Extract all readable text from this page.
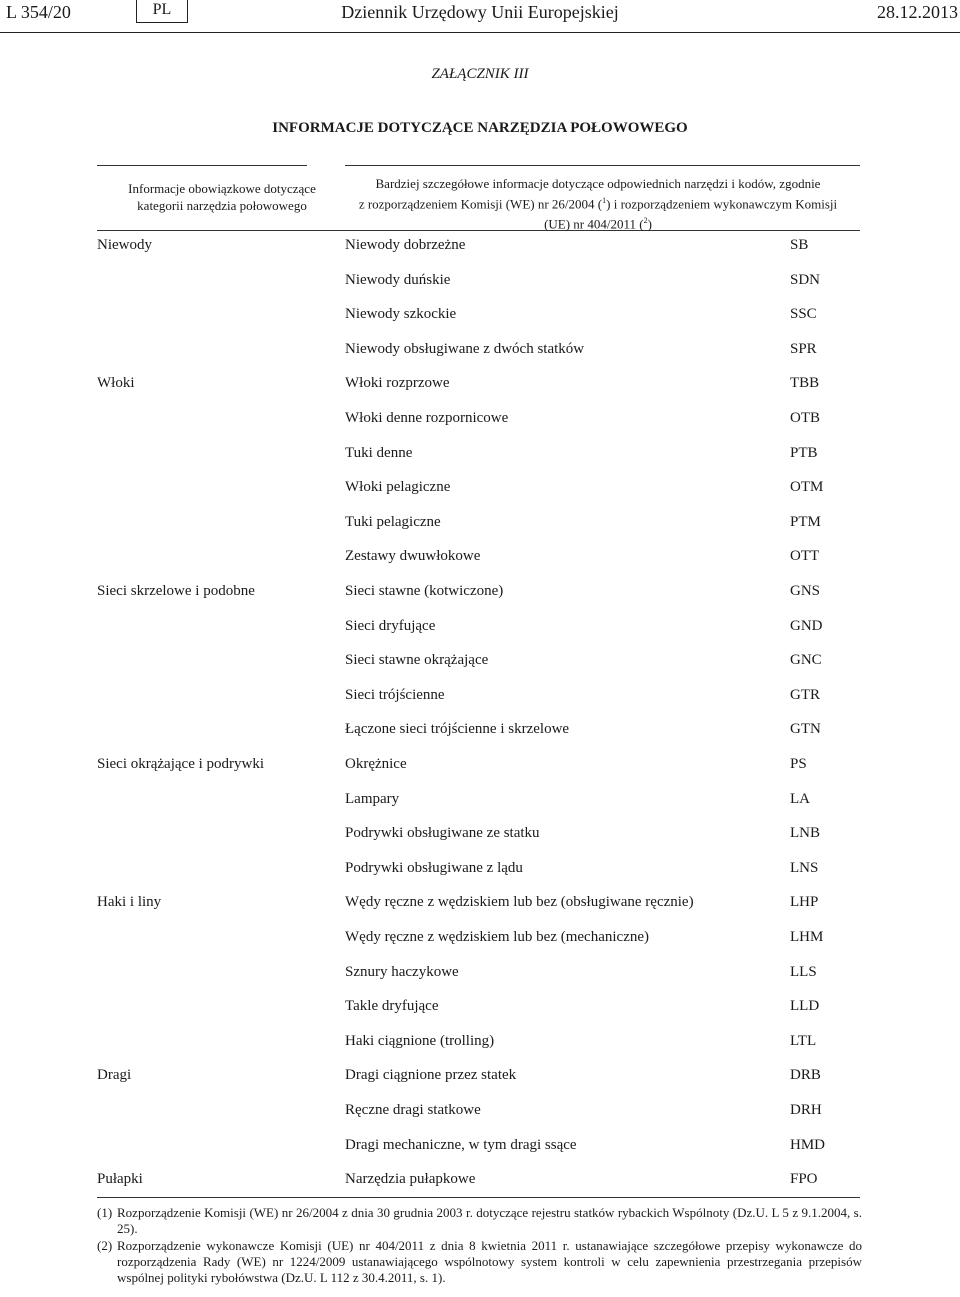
L 354/20	PL	Dziennik Urzędowy Unii Europejskiej	28.12.2013
ZAŁĄCZNIK III
INFORMACJE DOTYCZĄCE NARZĘDZIA POŁOWOWEGO
Informacje obowiązkowe dotyczące
kategorii narzędzia połowowego
Bardziej szczegółowe informacje dotyczące odpowiednich narzędzi i kodów, zgodnie
z rozporządzeniem Komisji (WE) nr 26/2004 ($^1$) i rozporządzeniem wykonawczym Komisji
(UE) nr 404/2011 ($^2$)
Niewody	Niewody dobrzeżne	SB
Niewody duńskie	SDN
Niewody szkockie	SSC
Niewody obsługiwane z dwóch statków	SPR
Włoki	Włoki rozprzowe	TBB
Włoki denne rozpornicowe	OTB
Tuki denne	PTB
Włoki pelagiczne	OTM
Tuki pelagiczne	PTM
Zestawy dwuwłokowe	OTT
Sieci skrzelowe i podobne	Sieci stawne (kotwiczone)	GNS
Sieci dryfujące	GND
Sieci stawne okrążające	GNC
Sieci trójścienne	GTR
Łączone sieci trójścienne i skrzelowe	GTN
Sieci okrążające i podrywki	Okrężnice	PS
Lampary	LA
Podrywki obsługiwane ze statku	LNB
Podrywki obsługiwane z lądu	LNS
Haki i liny	Wędy ręczne z wędziskiem lub bez (obsługiwane ręcznie)	LHP
Wędy ręczne z wędziskiem lub bez (mechaniczne)	LHM
Sznury haczykowe	LLS
Takle dryfujące	LLD
Haki ciągnione (trolling)	LTL
Dragi	Dragi ciągnione przez statek	DRB
Ręczne dragi statkowe	DRH
Dragi mechaniczne, w tym dragi ssące	HMD
Pułapki	Narzędzia pułapkowe	FPO
(1) Rozporządzenie Komisji (WE) nr 26/2004 z dnia 30 grudnia 2003 r. dotyczące rejestru statków rybackich Wspólnoty (Dz.U. L 5 z 9.1.2004, s. 25).
(2) Rozporządzenie wykonawcze Komisji (UE) nr 404/2011 z dnia 8 kwietnia 2011 r. ustanawiające szczegółowe przepisy wykonawcze do rozporządzenia Rady (WE) nr 1224/2009 ustanawiającego wspólnotowy system kontroli w celu zapewnienia przestrzegania przepisów wspólnej polityki rybołówstwa (Dz.U. L 112 z 30.4.2011, s. 1).
